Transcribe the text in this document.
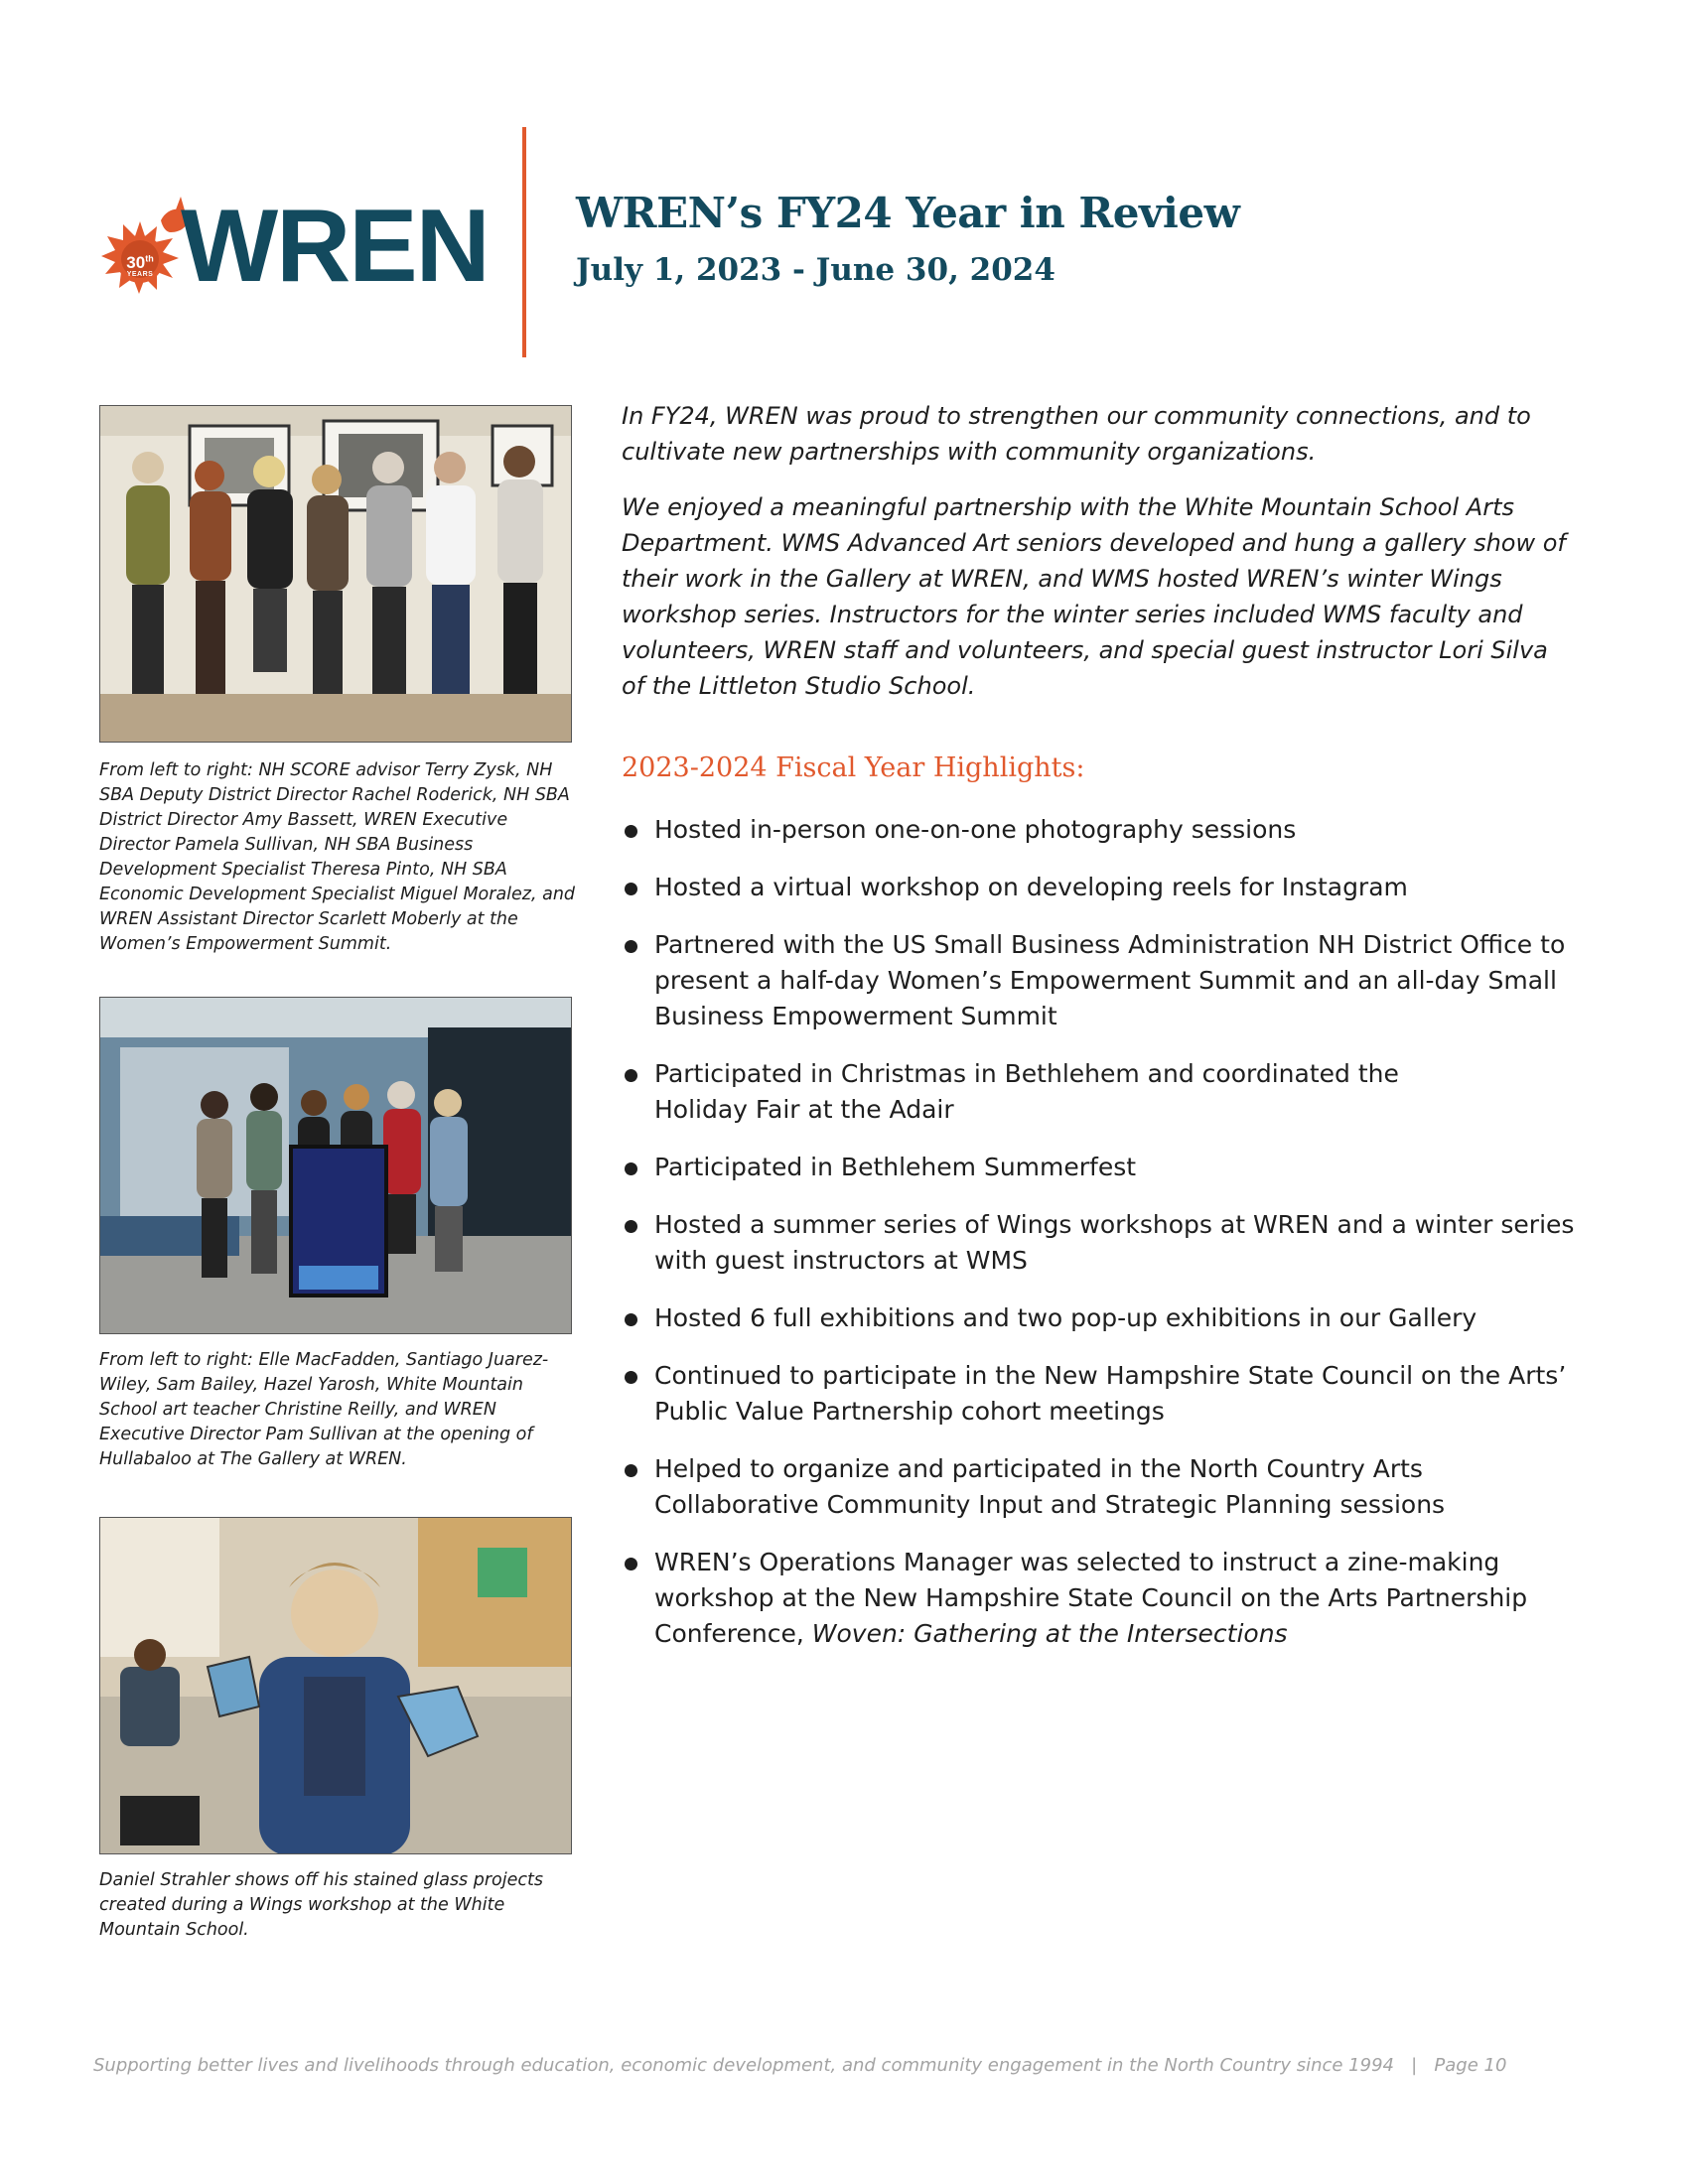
30th
YEARS WREN WREN’s FY24 Year in Review
July 1, 2023 - June 30, 2024

From left to right: NH SCORE advisor Terry Zysk, NH SBA Deputy District Director Rachel Roderick, NH SBA District Director Amy Bassett, WREN Executive Director Pamela Sullivan, NH SBA Business Development Specialist Theresa Pinto, NH SBA Economic Development Specialist Miguel Moralez, and WREN Assistant Director Scarlett Moberly at the Women’s Empowerment Summit.

From left to right: Elle MacFadden, Santiago Juarez-Wiley, Sam Bailey, Hazel Yarosh, White Mountain School art teacher Christine Reilly, and WREN Executive Director Pam Sullivan at the opening of Hullabaloo at The Gallery at WREN.

Daniel Strahler shows off his stained glass projects created during a Wings workshop at the White Mountain School.

In FY24, WREN was proud to strengthen our community connections, and to cultivate new partnerships with community organizations.

We enjoyed a meaningful partnership with the White Mountain School Arts Department. WMS Advanced Art seniors developed and hung a gallery show of their work in the Gallery at WREN, and WMS hosted WREN’s winter Wings workshop series. Instructors for the winter series included WMS faculty and volunteers, WREN staff and volunteers, and special guest instructor Lori Silva of the Littleton Studio School.

2023-2024 Fiscal Year Highlights:
Hosted in-person one-on-one photography sessions
Hosted a virtual workshop on developing reels for Instagram
Partnered with the US Small Business Administration NH District Office to present a half-day Women’s Empowerment Summit and an all-day Small Business Empowerment Summit
Participated in Christmas in Bethlehem and coordinated the Holiday Fair at the Adair
Participated in Bethlehem Summerfest
Hosted a summer series of Wings workshops at WREN and a winter series with guest instructors at WMS
Hosted 6 full exhibitions and two pop-up exhibitions in our Gallery
Continued to participate in the New Hampshire State Council on the Arts’ Public Value Partnership cohort meetings
Helped to organize and participated in the North Country Arts Collaborative Community Input and Strategic Planning sessions
WREN’s Operations Manager was selected to instruct a zine-making workshop at the New Hampshire State Council on the Arts Partnership Conference, Woven: Gathering at the Intersections

Supporting better lives and livelihoods through education, economic development, and community engagement in the North Country since 1994 | Page 10
